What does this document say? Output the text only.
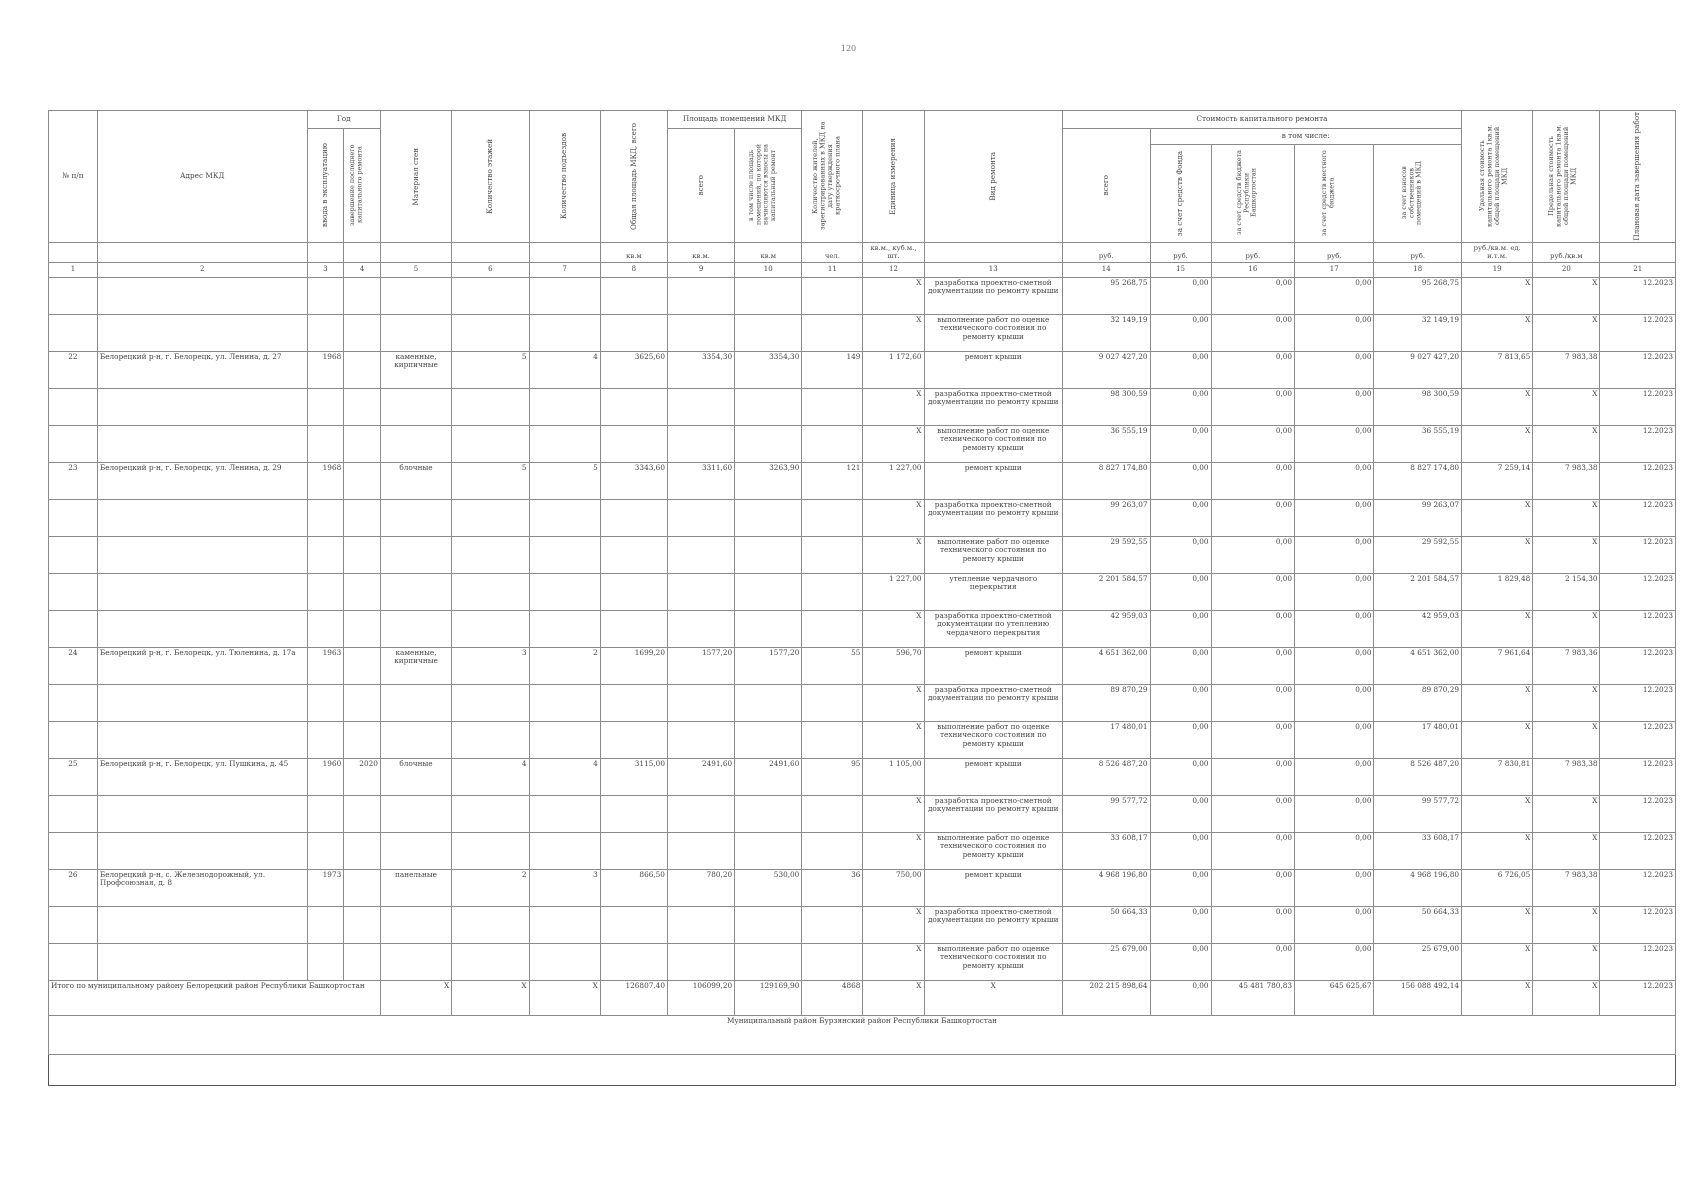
120
№ п/п	Адрес МКД	Год		Материал стен	Количество этажей	Количество подъездов	Общая площадь МКД, всего	Площадь помещений МКД		Количество жителей, зарегистрированных в МКД на дату утверждения краткосрочного плана	Единица измерения	Вид ремонта	Стоимость капитального ремонта					Удельная стоимость капитального ремонта 1кв.м. общей площади помещений МКД	Предельная стоимость капитального ремонта 1кв.м. общей площади помещений МКД	Плановая дата завершения работ

		ввода в эксплуатацию	завершение последнего капитального ремонта					всего	в том числе площадь помещений, по которой начисляются взносы на капитальный ремонт				всего	в том числе:						

														за счет средств Фонда	за счет средств бюджета Республики Башкортостан	за счет средств местного бюджета	за счет взносов собственников помещений в МКД			

							кв.м	кв.м.	кв.м	чел.	кв.м., куб.м., шт.		руб.	руб.	руб.	руб.	руб.	руб./кв.м. ед. и.т.м.	руб./кв.м	
1	2	3	4	5	6	7	8	9	10	11	12	13	14	15	16	17	18	19	20	21
											X	разработка проектно-сметной документации по ремонту крыши	95 268,75	0,00	0,00	0,00	95 268,75	X	X	12.2023
											X	выполнение работ по оценке технического состояния по ремонту крыши	32 149,19	0,00	0,00	0,00	32 149,19	X	X	12.2023
22	Белорецкий р-н, г. Белорецк, ул. Ленина, д. 27	1968		каменные, кирпичные	5	4	3625,60	3354,30	3354,30	149	1 172,60	ремонт крыши	9 027 427,20	0,00	0,00	0,00	9 027 427,20	7 813,65	7 983,38	12.2023
											X	разработка проектно-сметной документации по ремонту крыши	98 300,59	0,00	0,00	0,00	98 300,59	X	X	12.2023
											X	выполнение работ по оценке технического состояния по ремонту крыши	36 555,19	0,00	0,00	0,00	36 555,19	X	X	12.2023
23	Белорецкий р-н, г. Белорецк, ул. Ленина, д. 29	1968		блочные	5	5	3343,60	3311,60	3263,90	121	1 227,00	ремонт крыши	8 827 174,80	0,00	0,00	0,00	8 827 174,80	7 259,14	7 983,38	12.2023
											X	разработка проектно-сметной документации по ремонту крыши	99 263,07	0,00	0,00	0,00	99 263,07	X	X	12.2023
											X	выполнение работ по оценке технического состояния по ремонту крыши	29 592,55	0,00	0,00	0,00	29 592,55	X	X	12.2023
											1 227,00	утепление чердачного перекрытия	2 201 584,57	0,00	0,00	0,00	2 201 584,57	1 829,48	2 154,30	12.2023
											X	разработка проектно-сметной документации по утеплению чердачного перекрытия	42 959,03	0,00	0,00	0,00	42 959,03	X	X	12.2023
24	Белорецкий р-н, г. Белорецк, ул. Тюленина, д. 17а	1963		каменные, кирпичные	3	2	1699,20	1577,20	1577,20	55	596,70	ремонт крыши	4 651 362,00	0,00	0,00	0,00	4 651 362,00	7 961,64	7 983,36	12.2023
											X	разработка проектно-сметной документации по ремонту крыши	89 870,29	0,00	0,00	0,00	89 870,29	X	X	12.2023
											X	выполнение работ по оценке технического состояния по ремонту крыши	17 480,01	0,00	0,00	0,00	17 480,01	X	X	12.2023
25	Белорецкий р-н, г. Белорецк, ул. Пушкина, д. 45	1960	2020	блочные	4	4	3115,00	2491,60	2491,60	95	1 105,00	ремонт крыши	8 526 487,20	0,00	0,00	0,00	8 526 487,20	7 830,81	7 983,38	12.2023
											X	разработка проектно-сметной документации по ремонту крыши	99 577,72	0,00	0,00	0,00	99 577,72	X	X	12.2023
											X	выполнение работ по оценке технического состояния по ремонту крыши	33 608,17	0,00	0,00	0,00	33 608,17	X	X	12.2023
26	Белорецкий р-н, с. Железнодорожный, ул. Профсоюзная, д. 8	1973		панельные	2	3	866,50	780,20	530,00	36	750,00	ремонт крыши	4 968 196,80	0,00	0,00	0,00	4 968 196,80	6 726,05	7 983,38	12.2023
											X	разработка проектно-сметной документации по ремонту крыши	50 664,33	0,00	0,00	0,00	50 664,33	X	X	12.2023
											X	выполнение работ по оценке технического состояния по ремонту крыши	25 679,00	0,00	0,00	0,00	25 679,00	X	X	12.2023
Итого по муниципальному району Белорецкий район Республики Башкортостан				X	X	X	126807,40	106099,20	129169,90	4868	X	X	202 215 898,64	0,00	45 481 780,83	645 625,67	156 088 492,14	X	X	12.2023
Муниципальный район Бурзянский район Республики Башкортостан																				
